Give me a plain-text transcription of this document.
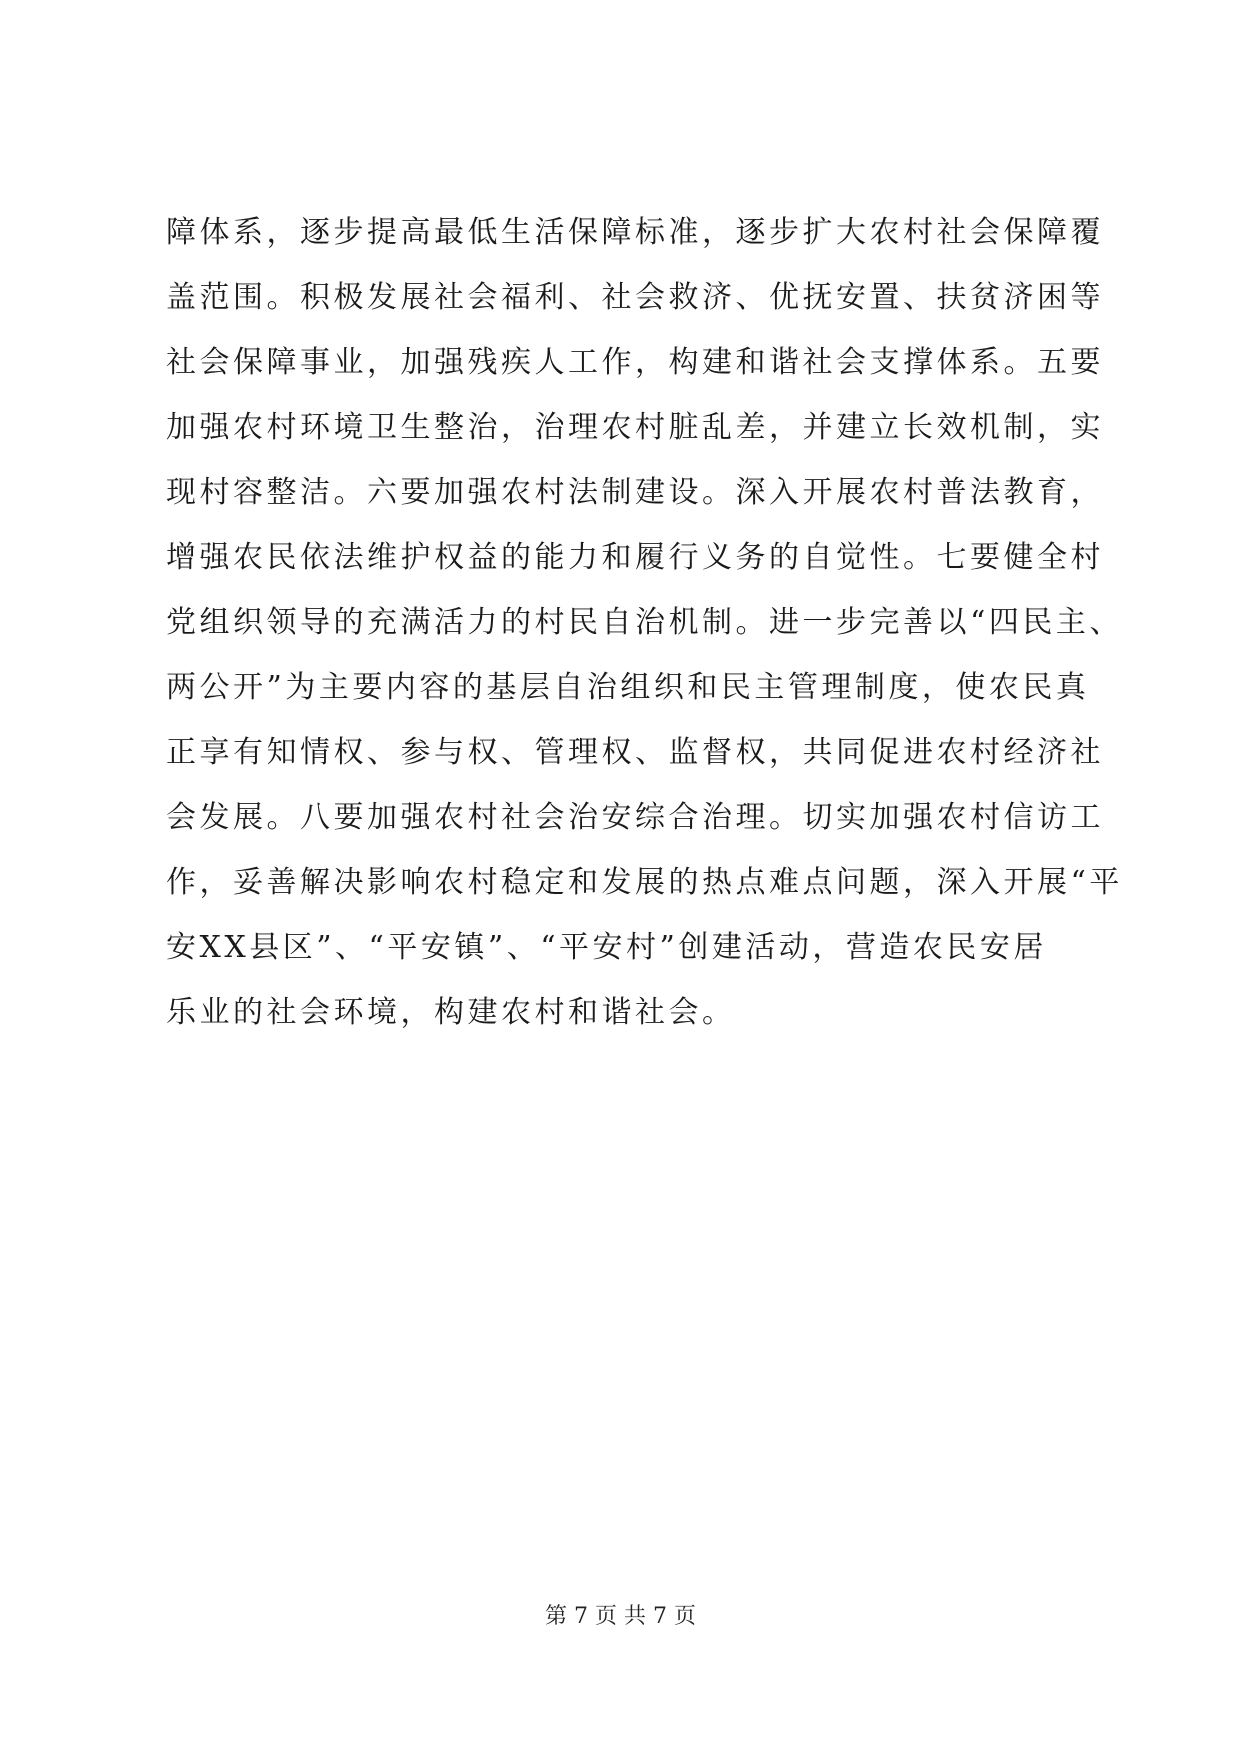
障体系，逐步提高最低生活保障标准，逐步扩大农村社会保障覆
盖范围。积极发展社会福利、社会救济、优抚安置、扶贫济困等
社会保障事业，加强残疾人工作，构建和谐社会支撑体系。五要
加强农村环境卫生整治，治理农村脏乱差，并建立长效机制，实
现村容整洁。六要加强农村法制建设。深入开展农村普法教育，
增强农民依法维护权益的能力和履行义务的自觉性。七要健全村
党组织领导的充满活力的村民自治机制。进一步完善以“四民主、
两公开”为主要内容的基层自治组织和民主管理制度，使农民真
正享有知情权、参与权、管理权、监督权，共同促进农村经济社
会发展。八要加强农村社会治安综合治理。切实加强农村信访工
作，妥善解决影响农村稳定和发展的热点难点问题，深入开展“平
安XX县区”、“平安镇”、“平安村”创建活动，营造农民安居
乐业的社会环境，构建农村和谐社会。
第 7 页 共 7 页
